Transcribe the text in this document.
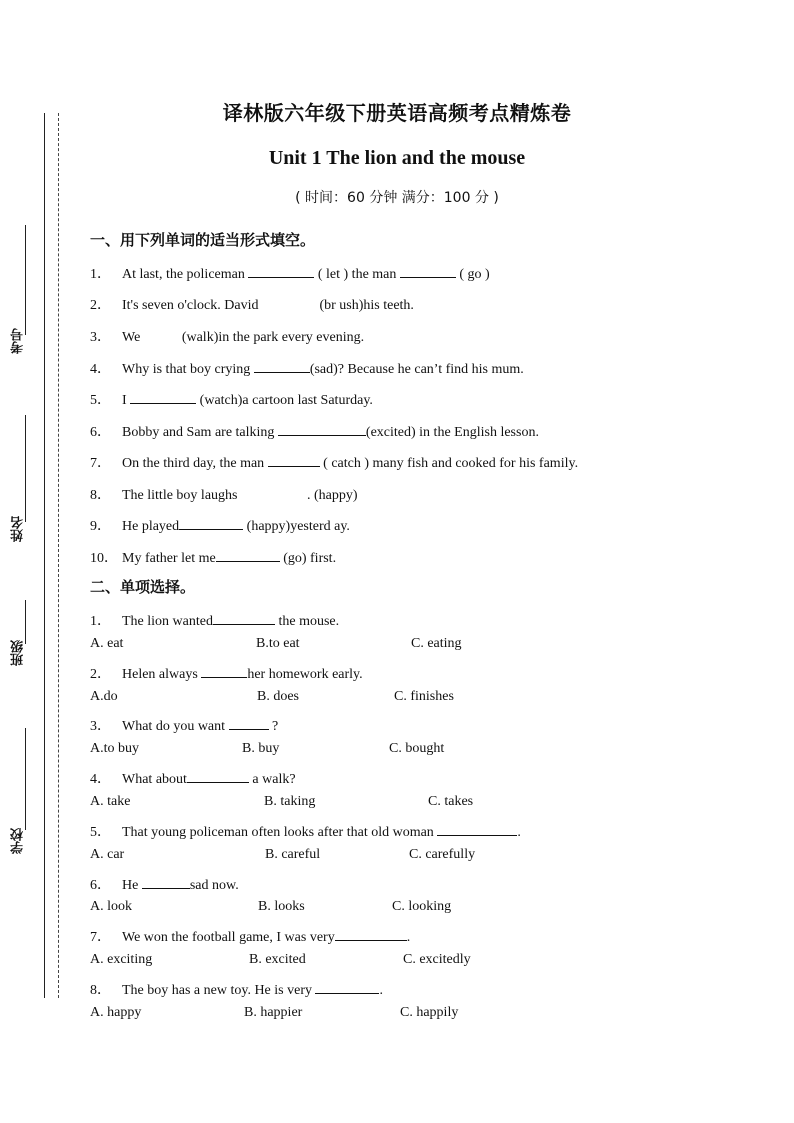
考号
姓名
班级
学校
译林版六年级下册英语高频考点精炼卷
Unit 1 The lion and the mouse
( 时间：60 分钟 满分：100 分 )
一、用下列单词的适当形式填空。
1． At last, the policeman	( let ) the man	( go )
2． It's seven o'clock. David	(br ush)his teeth.
3． We	(walk)in the park every evening.
4． Why is that boy crying	(sad)? Because he can’t find his mum.
5． I	(watch)a cartoon last Saturday.
6． Bobby and Sam are talking	(excited) in the English lesson.
7． On the third day, the man	( catch ) many fish and cooked for his family.
8． The little boy laughs	. (happy)
9． He played	(happy)yesterd ay.
10． My father let me	(go) first.
二、单项选择。
1． The lion wanted	the mouse.
A. eat	B.to eat	C. eating
2． Helen always	her homework early.
A.do	B. does	C. finishes
3． What do you want	?
A.to buy	B. buy	C. bought
4． What about	a walk?
A. take	B. taking	C. takes
5． That young policeman often looks after that old woman	.
A. car	B. careful	C. carefully
6． He	sad now.
A. look	B. looks	C. looking
7． We won the football game, I was very	.
A. exciting	B. excited	C. excitedly
8． The boy has a new toy. He is very	.
A. happy	B. happier	C. happily
